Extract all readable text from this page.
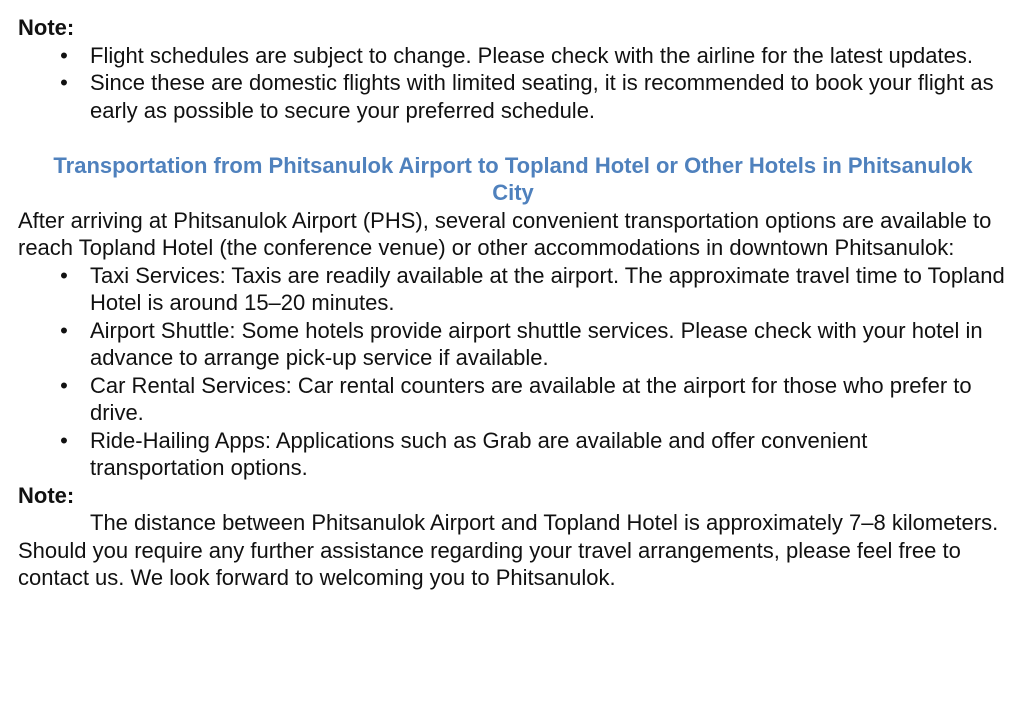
Note:

• Flight schedules are subject to change. Please check with the airline for the latest updates.
• Since these are domestic flights with limited seating, it is recommended to book your flight as early as possible to secure your preferred schedule.

Transportation from Phitsanulok Airport to Topland Hotel or Other Hotels in Phitsanulok City

After arriving at Phitsanulok Airport (PHS), several convenient transportation options are available to reach Topland Hotel (the conference venue) or other accommodations in downtown Phitsanulok:

• Taxi Services: Taxis are readily available at the airport. The approximate travel time to Topland Hotel is around 15–20 minutes.
• Airport Shuttle: Some hotels provide airport shuttle services. Please check with your hotel in advance to arrange pick-up service if available.
• Car Rental Services: Car rental counters are available at the airport for those who prefer to drive.
• Ride-Hailing Apps: Applications such as Grab are available and offer convenient transportation options.

Note:

The distance between Phitsanulok Airport and Topland Hotel is approximately 7–8 kilometers.

Should you require any further assistance regarding your travel arrangements, please feel free to contact us. We look forward to welcoming you to Phitsanulok.
